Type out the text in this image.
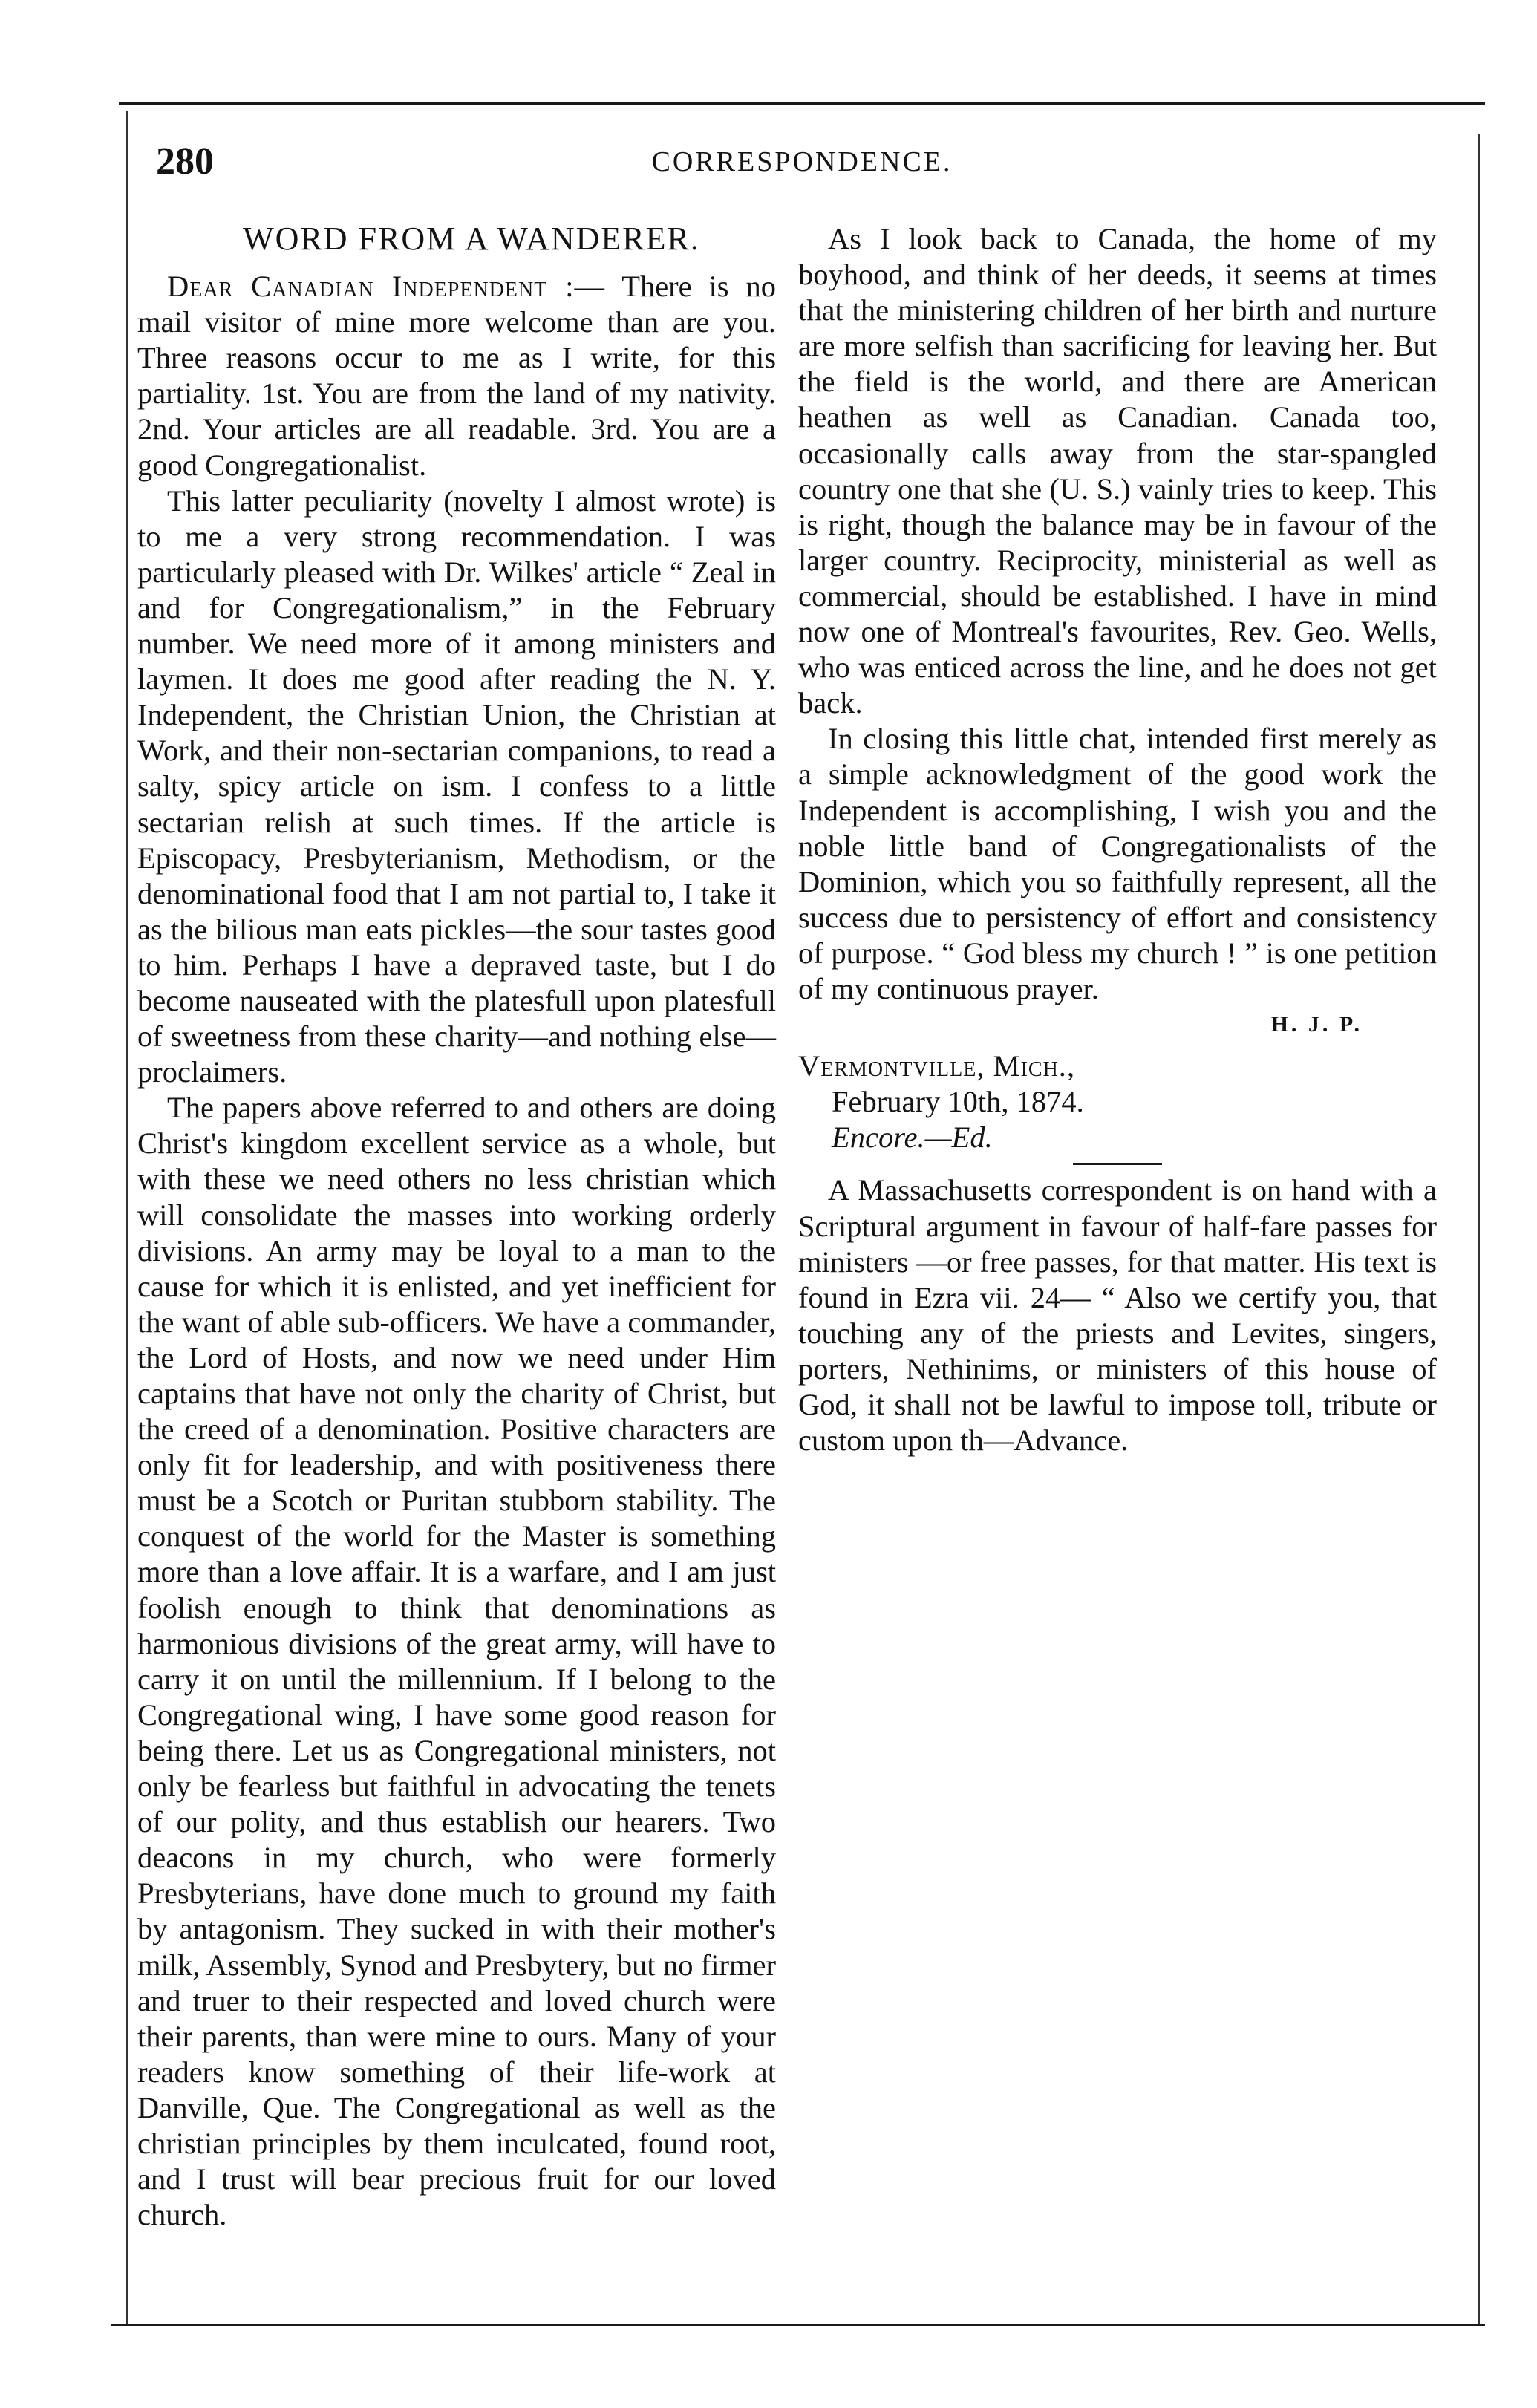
280	CORRESPONDENCE.
WORD FROM A WANDERER.

Dear Canadian Independent :— There is no mail visitor of mine more welcome than are you. Three reasons occur to me as I write, for this partiality. 1st. You are from the land of my nativity. 2nd. Your articles are all readable. 3rd. You are a good Congregationalist.

This latter peculiarity (novelty I almost wrote) is to me a very strong recommendation. I was particularly pleased with Dr. Wilkes' article “ Zeal in and for Congregationalism,” in the February number. We need more of it among ministers and laymen. It does me good after reading the N. Y. Independent, the Christian Union, the Christian at Work, and their non-sectarian companions, to read a salty, spicy article on ism. I confess to a little sectarian relish at such times. If the article is Episcopacy, Presbyterianism, Methodism, or the denominational food that I am not partial to, I take it as the bilious man eats pickles—the sour tastes good to him. Perhaps I have a depraved taste, but I do become nauseated with the platesfull upon platesfull of sweetness from these charity—and nothing else—proclaimers.

The papers above referred to and others are doing Christ's kingdom excellent service as a whole, but with these we need others no less christian which will consolidate the masses into working orderly divisions. An army may be loyal to a man to the cause for which it is enlisted, and yet inefficient for the want of able sub-officers. We have a commander, the Lord of Hosts, and now we need under Him captains that have not only the charity of Christ, but the creed of a denomination. Positive characters are only fit for leadership, and with positiveness there must be a Scotch or Puritan stubborn stability. The conquest of the world for the Master is something more than a love affair. It is a warfare, and I am just foolish enough to think that denominations as harmonious divisions of the great army, will have to carry it on until the millennium. If I belong to the Congregational wing, I have some good reason for being there. Let us as Congregational ministers, not only be fearless but faithful in advocating the tenets of our polity, and thus establish our hearers. Two deacons in my church, who were formerly Presbyterians, have done much to ground my faith by antagonism. They sucked in with their mother's milk, Assembly, Synod and Presbytery, but no firmer and truer to their respected and loved church were their parents, than were mine to ours. Many of your readers know something of their life-work at Danville, Que. The Congregational as well as the christian principles by them inculcated, found root, and I trust will bear precious fruit for our loved church.

As I look back to Canada, the home of my boyhood, and think of her deeds, it seems at times that the ministering children of her birth and nurture are more selfish than sacrificing for leaving her. But the field is the world, and there are American heathen as well as Canadian. Canada too, occasionally calls away from the star-spangled country one that she (U. S.) vainly tries to keep. This is right, though the balance may be in favour of the larger country. Reciprocity, ministerial as well as commercial, should be established. I have in mind now one of Montreal's favourites, Rev. Geo. Wells, who was enticed across the line, and he does not get back.

In closing this little chat, intended first merely as a simple acknowledgment of the good work the Independent is accomplishing, I wish you and the noble little band of Congregationalists of the Dominion, which you so faithfully represent, all the success due to persistency of effort and consistency of purpose. “ God bless my church ! ” is one petition of my continuous prayer.

H. J. P.

Vermontville, Mich.,
February 10th, 1874.
Encore.—Ed.

A Massachusetts correspondent is on hand with a Scriptural argument in favour of half-fare passes for ministers —or free passes, for that matter. His text is found in Ezra vii. 24— “ Also we certify you, that touching any of the priests and Levites, singers, porters, Nethinims, or ministers of this house of God, it shall not be lawful to impose toll, tribute or custom upon th—Advance.
